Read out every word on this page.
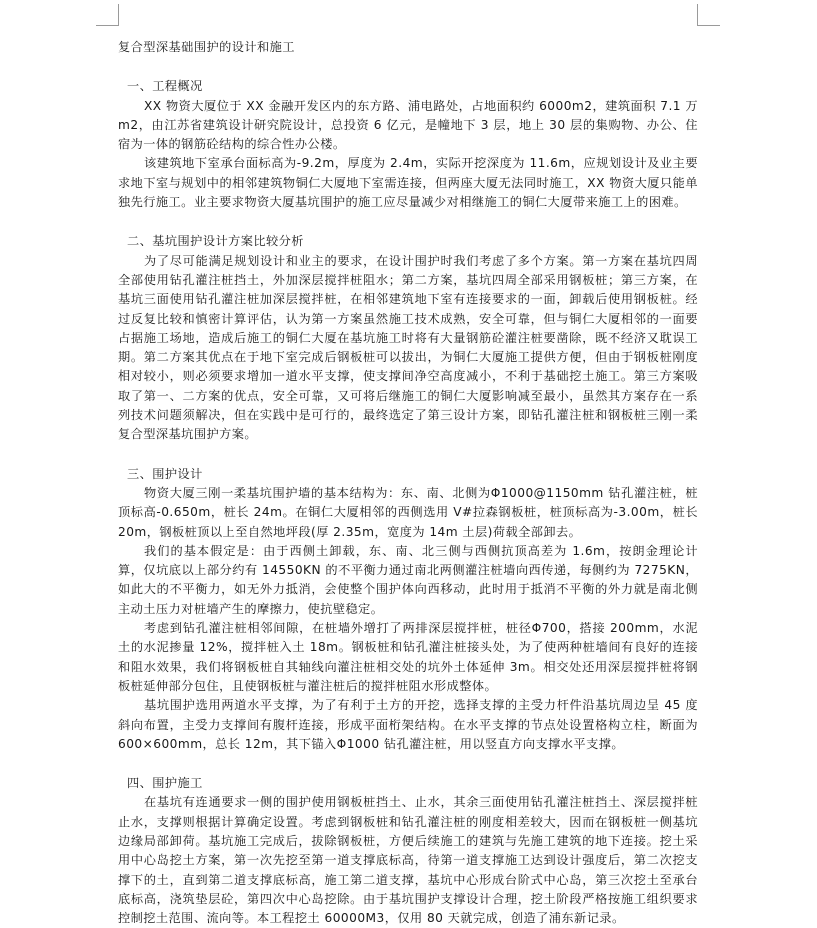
复合型深基础围护的设计和施工

一、工程概况

XX 物资大厦位于 XX 金融开发区内的东方路、浦电路处，占地面积约 6000m2，建筑面积 7.1 万 m2，由江苏省建筑设计研究院设计，总投资 6 亿元，是幢地下 3 层，地上 30 层的集购物、办公、住宿为一体的钢筋砼结构的综合性办公楼。

该建筑地下室承台面标高为-9.2m，厚度为 2.4m，实际开挖深度为 11.6m，应规划设计及业主要求地下室与规划中的相邻建筑物铜仁大厦地下室需连接，但两座大厦无法同时施工，XX 物资大厦只能单独先行施工。业主要求物资大厦基坑围护的施工应尽量减少对相继施工的铜仁大厦带来施工上的困难。

二、基坑围护设计方案比较分析

为了尽可能满足规划设计和业主的要求，在设计围护时我们考虑了多个方案。第一方案在基坑四周全部使用钻孔灌注桩挡土，外加深层搅拌桩阻水；第二方案，基坑四周全部采用钢板桩；第三方案，在基坑三面使用钻孔灌注桩加深层搅拌桩，在相邻建筑地下室有连接要求的一面，卸载后使用钢板桩。经过反复比较和慎密计算评估，认为第一方案虽然施工技术成熟，安全可靠，但与铜仁大厦相邻的一面要占据施工场地，造成后施工的铜仁大厦在基坑施工时将有大量钢筋砼灌注桩要凿除，既不经济又耽误工期。第二方案其优点在于地下室完成后钢板桩可以拔出，为铜仁大厦施工提供方便，但由于钢板桩刚度相对较小，则必须要求增加一道水平支撑，使支撑间净空高度减小，不利于基础挖土施工。第三方案吸取了第一、二方案的优点，安全可靠，又可将后继施工的铜仁大厦影响减至最小，虽然其方案存在一系列技术问题须解决，但在实践中是可行的，最终选定了第三设计方案，即钻孔灌注桩和钢板桩三刚一柔复合型深基坑围护方案。

三、围护设计

物资大厦三刚一柔基坑围护墙的基本结构为：东、南、北侧为Φ1000@1150mm 钻孔灌注桩，桩顶标高-0.650m，桩长 24m。在铜仁大厦相邻的西侧选用 V#拉森钢板桩，桩顶标高为-3.00m，桩长 20m，钢板桩顶以上至自然地坪段(厚 2.35m，宽度为 14m 土层)荷载全部卸去。

我们的基本假定是：由于西侧土卸载，东、南、北三侧与西侧抗顶高差为 1.6m，按朗金理论计算，仅坑底以上部分约有 14550KN 的不平衡力通过南北两侧灌注桩墙向西传递，每侧约为 7275KN，如此大的不平衡力，如无外力抵消，会使整个围护体向西移动，此时用于抵消不平衡的外力就是南北侧主动土压力对桩墙产生的摩擦力，使抗壁稳定。

考虑到钻孔灌注桩相邻间隙，在桩墙外增打了两排深层搅拌桩，桩径Φ700，搭接 200mm，水泥土的水泥掺量 12%，搅拌桩入土 18m。钢板桩和钻孔灌注桩接头处，为了使两种桩墙间有良好的连接和阻水效果，我们将钢板桩自其轴线向灌注桩相交处的坑外土体延伸 3m。相交处还用深层搅拌桩将钢板桩延伸部分包住，且使钢板桩与灌注桩后的搅拌桩阻水形成整体。

基坑围护选用两道水平支撑，为了有利于土方的开挖，选择支撑的主受力杆件沿基坑周边呈 45 度斜向布置，主受力支撑间有腹杆连接，形成平面桁架结构。在水平支撑的节点处设置格构立柱，断面为 600×600mm，总长 12m，其下锚入Φ1000 钻孔灌注桩，用以竖直方向支撑水平支撑。

四、围护施工

在基坑有连通要求一侧的围护使用钢板桩挡土、止水，其余三面使用钻孔灌注桩挡土、深层搅拌桩止水，支撑则根据计算确定设置。考虑到钢板桩和钻孔灌注桩的刚度相差较大，因而在钢板桩一侧基坑边缘局部卸荷。基坑施工完成后，拔除钢板桩，方便后续施工的建筑与先施工建筑的地下连接。挖土采用中心岛挖土方案，第一次先挖至第一道支撑底标高，待第一道支撑施工达到设计强度后，第二次挖支撑下的土，直到第二道支撑底标高，施工第二道支撑，基坑中心形成台阶式中心岛，第三次挖土至承台底标高，浇筑垫层砼，第四次中心岛挖除。由于基坑围护支撑设计合理，挖土阶段严格按施工组织要求控制挖土范围、流向等。本工程挖土 60000M3，仅用 80 天就完成，创造了浦东新记录。
